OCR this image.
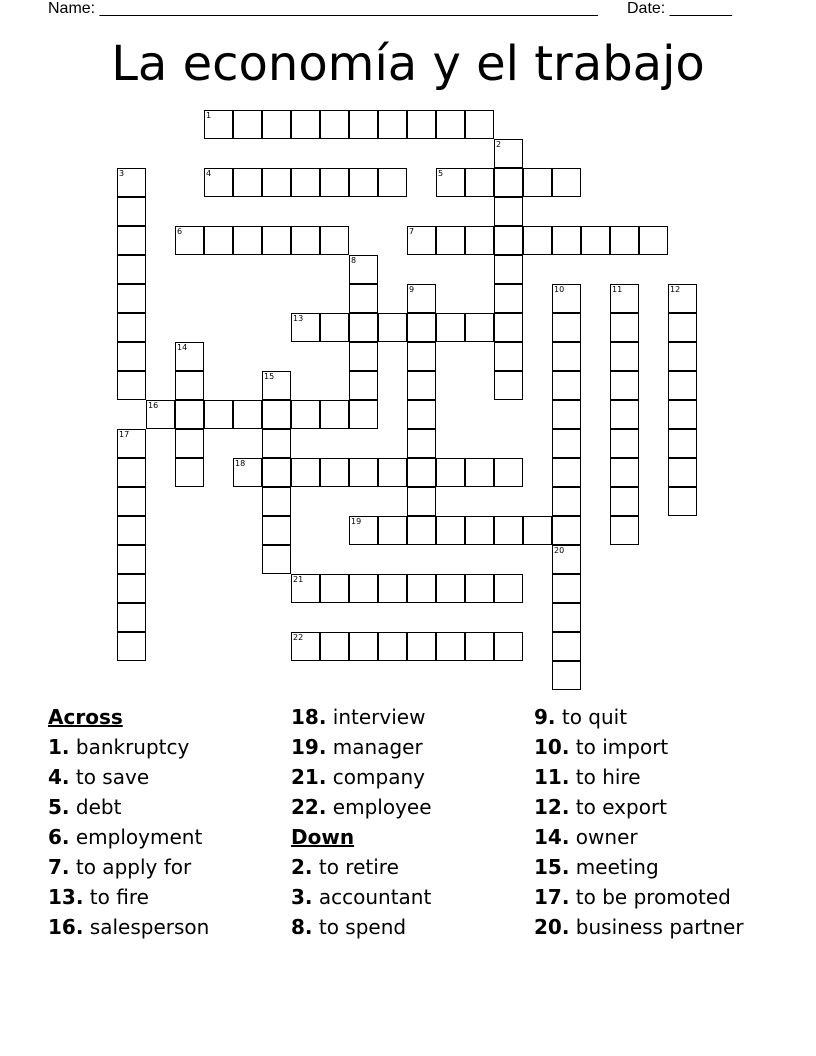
Name: ________________________________________________________ Date: _______
La economía y el trabajo
1
2
3	4	5
6	7
8
9	10	11	12
13
14
15
16
17
18
19
20
21
22
Across
1. bankruptcy
4. to save
5. debt
6. employment
7. to apply for
13. to fire
16. salesperson
18. interview
19. manager
21. company
22. employee
Down
2. to retire
3. accountant
8. to spend
9. to quit
10. to import
11. to hire
12. to export
14. owner
15. meeting
17. to be promoted
20. business partner
